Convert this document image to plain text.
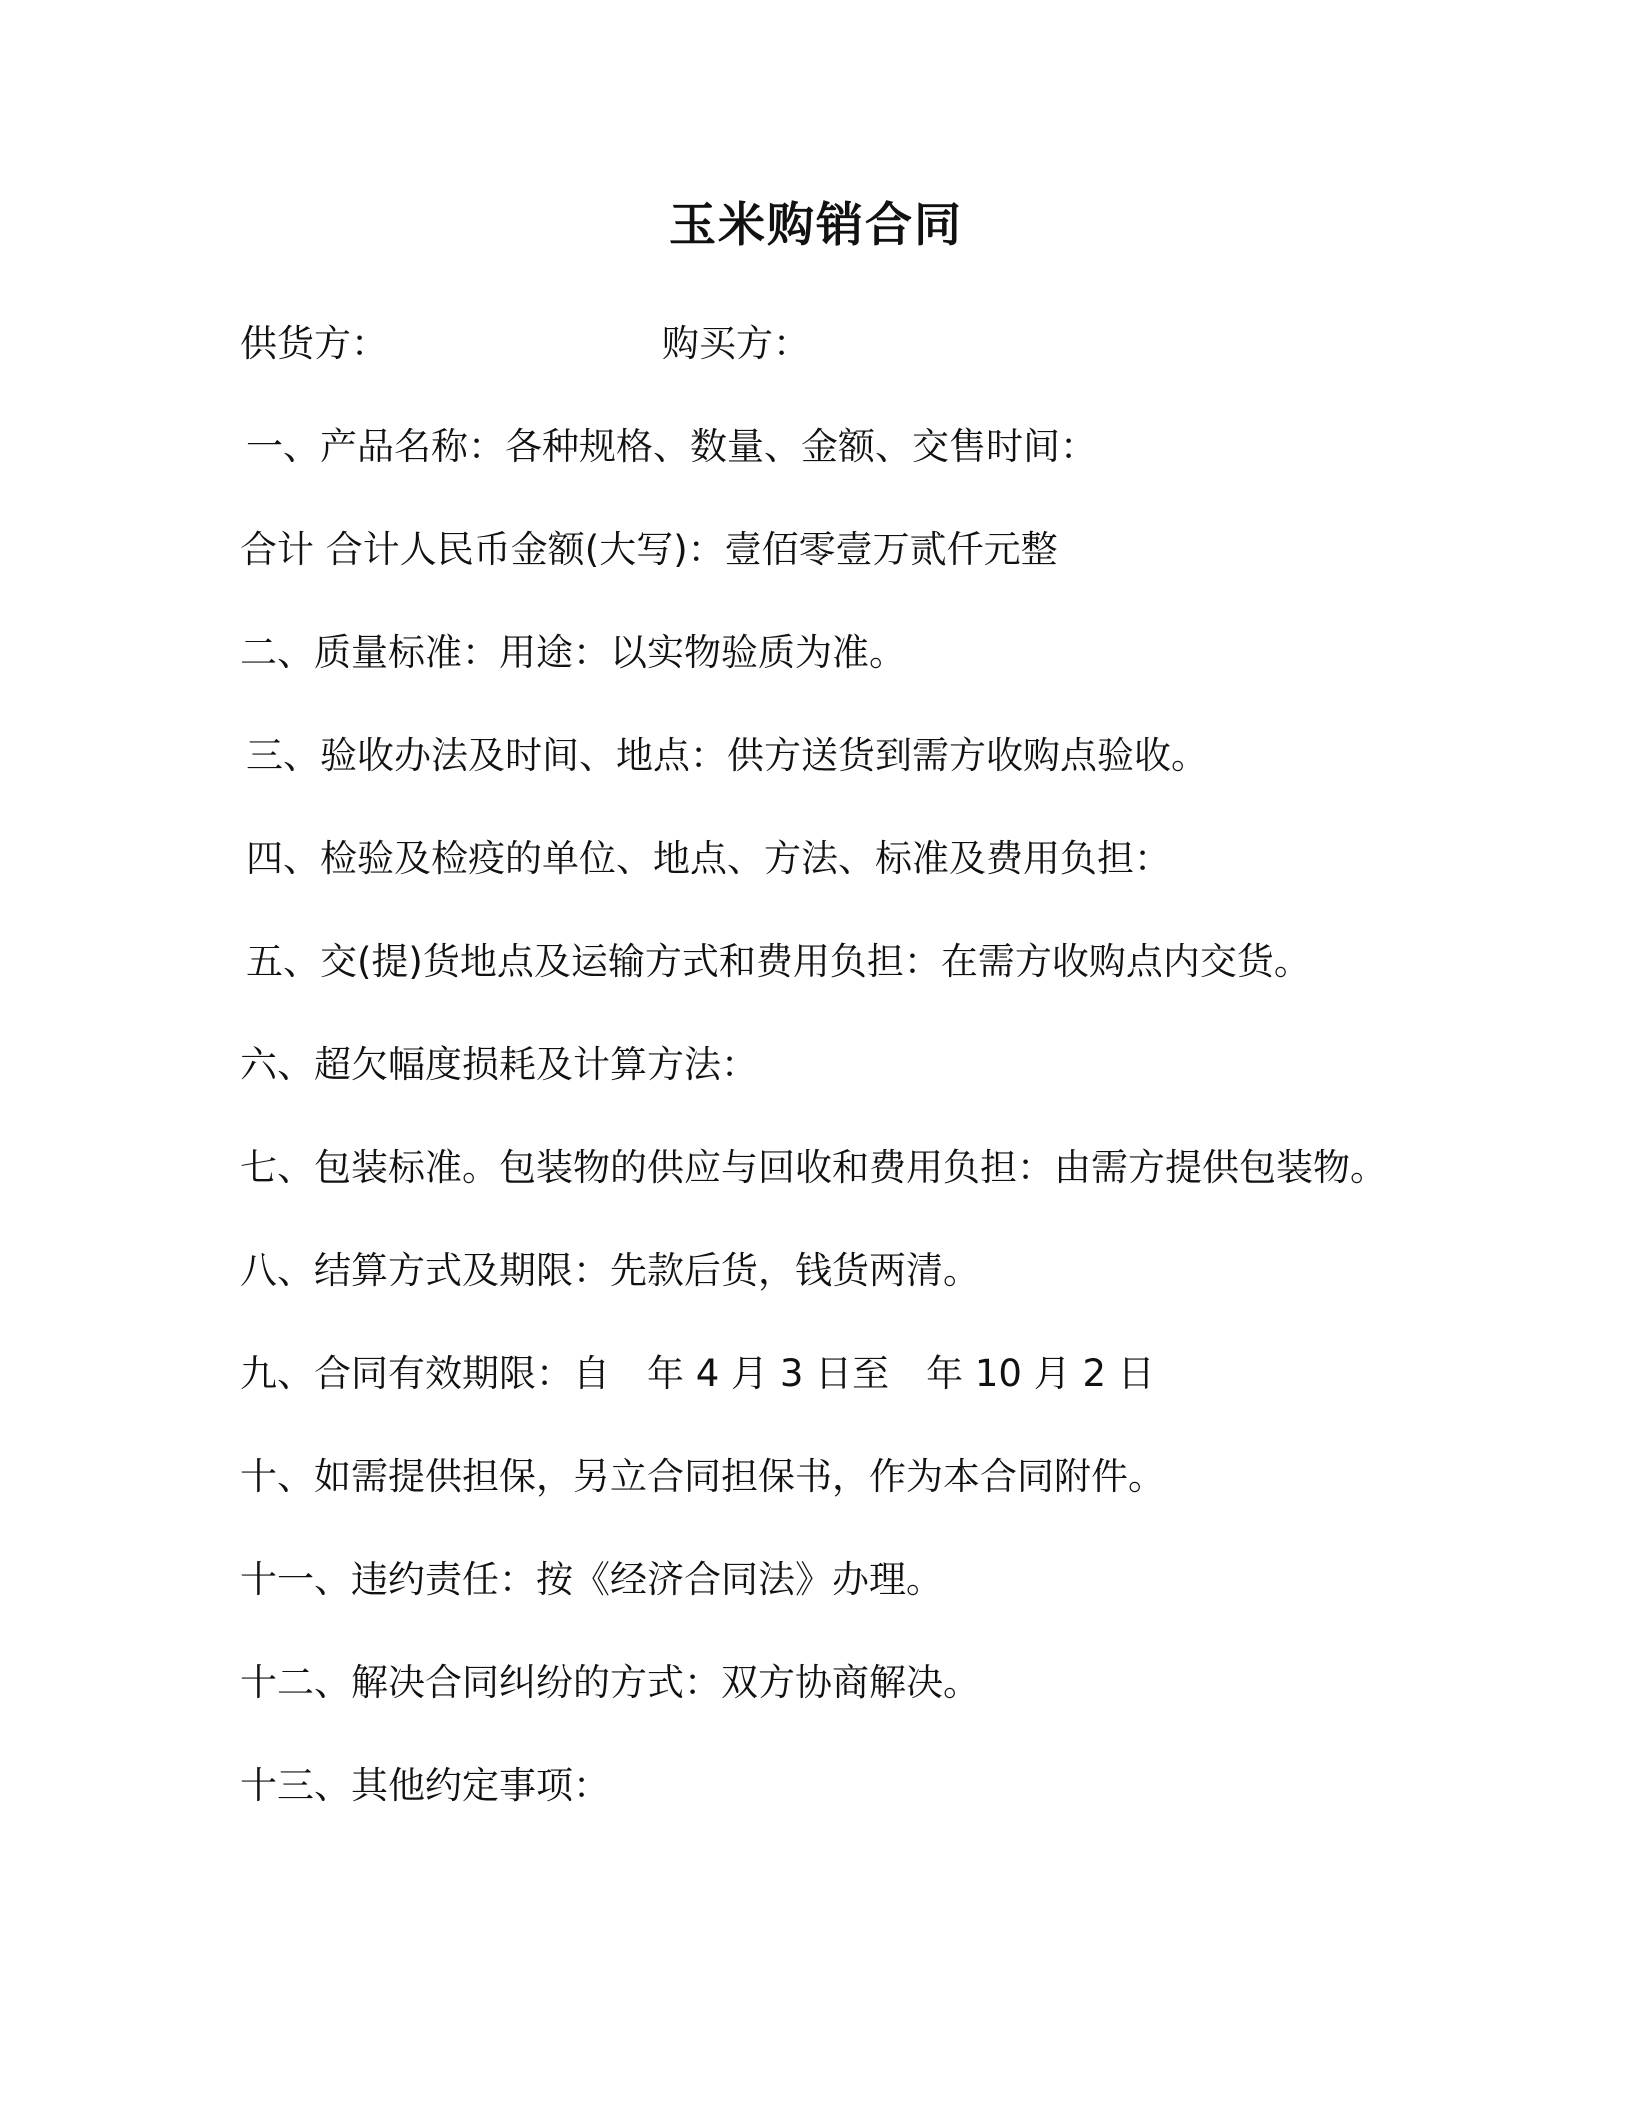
玉米购销合同
供货方：	购买方：
一、产品名称：各种规格、数量、金额、交售时间：
合计 合计人民币金额(大写)：壹佰零壹万贰仟元整
二、质量标准：用途：以实物验质为准。
三、验收办法及时间、地点：供方送货到需方收购点验收。
四、检验及检疫的单位、地点、方法、标准及费用负担：
五、交(提)货地点及运输方式和费用负担：在需方收购点内交货。
六、超欠幅度损耗及计算方法：
七、包装标准。包装物的供应与回收和费用负担：由需方提供包装物。
八、结算方式及期限：先款后货，钱货两清。
九、合同有效期限：自　年 4 月 3 日至　年 10 月 2 日
十、如需提供担保，另立合同担保书，作为本合同附件。
十一、违约责任：按《经济合同法》办理。
十二、解决合同纠纷的方式：双方协商解决。
十三、其他约定事项：
